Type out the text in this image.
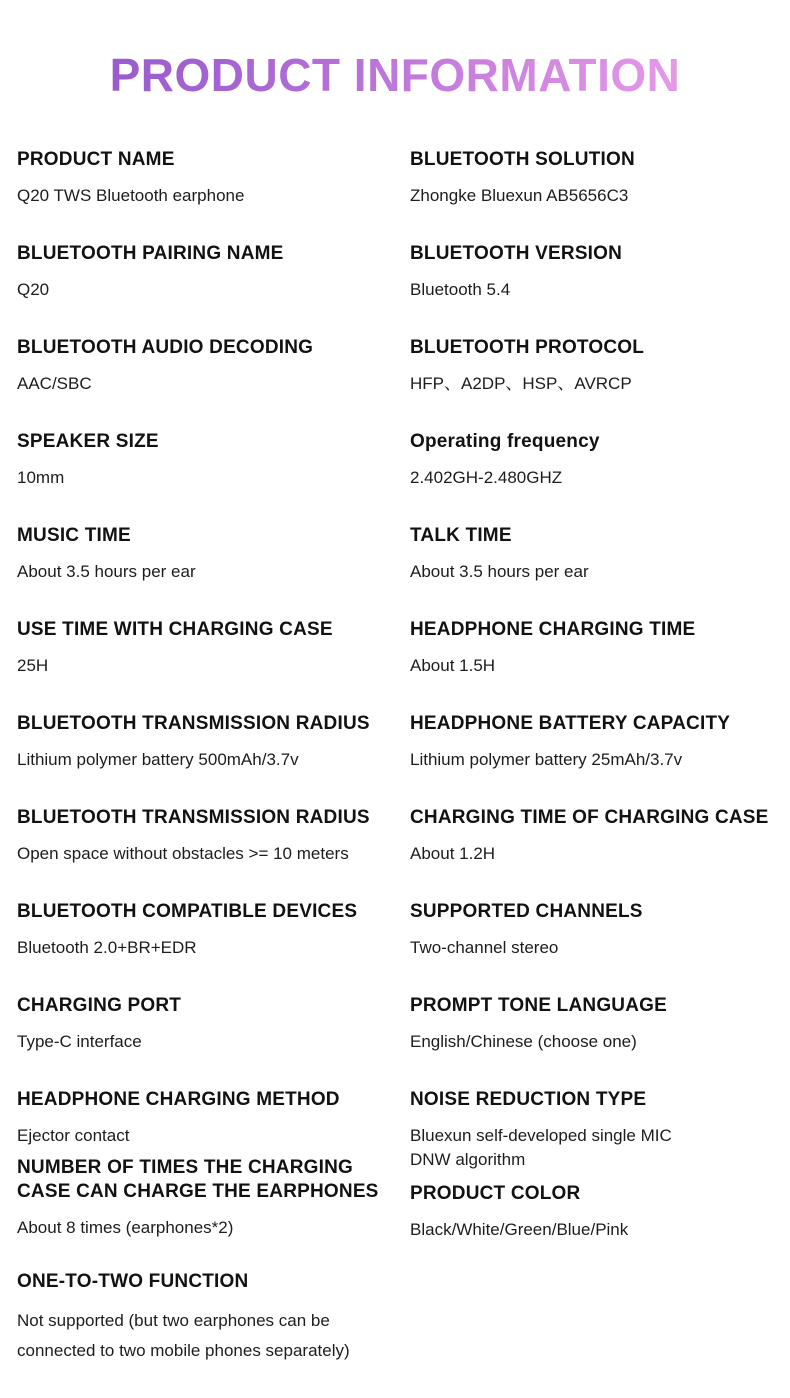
PRODUCT INFORMATION
PRODUCT NAME
Q20 TWS Bluetooth earphone
BLUETOOTH PAIRING NAME
Q20
BLUETOOTH AUDIO DECODING
AAC/SBC
SPEAKER SIZE
10mm
MUSIC TIME
About 3.5 hours per ear
USE TIME WITH CHARGING CASE
25H
BLUETOOTH TRANSMISSION RADIUS
Lithium polymer battery 500mAh/3.7v
BLUETOOTH TRANSMISSION RADIUS
Open space without obstacles >= 10 meters
BLUETOOTH COMPATIBLE DEVICES
Bluetooth 2.0+BR+EDR
CHARGING PORT
Type-C interface
HEADPHONE CHARGING METHOD
Ejector contact
NUMBER OF TIMES THE CHARGING CASE CAN CHARGE THE EARPHONES
About 8 times (earphones*2)
ONE-TO-TWO FUNCTION
Not supported (but two earphones can be connected to two mobile phones separately)
BLUETOOTH SOLUTION
Zhongke Bluexun AB5656C3
BLUETOOTH VERSION
Bluetooth 5.4
BLUETOOTH PROTOCOL
HFP、A2DP、HSP、AVRCP
Operating frequency
2.402GH-2.480GHZ
TALK TIME
About 3.5 hours per ear
HEADPHONE CHARGING TIME
About 1.5H
HEADPHONE BATTERY CAPACITY
Lithium polymer battery 25mAh/3.7v
CHARGING TIME OF CHARGING CASE
About 1.2H
SUPPORTED CHANNELS
Two-channel stereo
PROMPT TONE LANGUAGE
English/Chinese (choose one)
NOISE REDUCTION TYPE
Bluexun self-developed single MIC DNW algorithm
PRODUCT COLOR
Black/White/Green/Blue/Pink
